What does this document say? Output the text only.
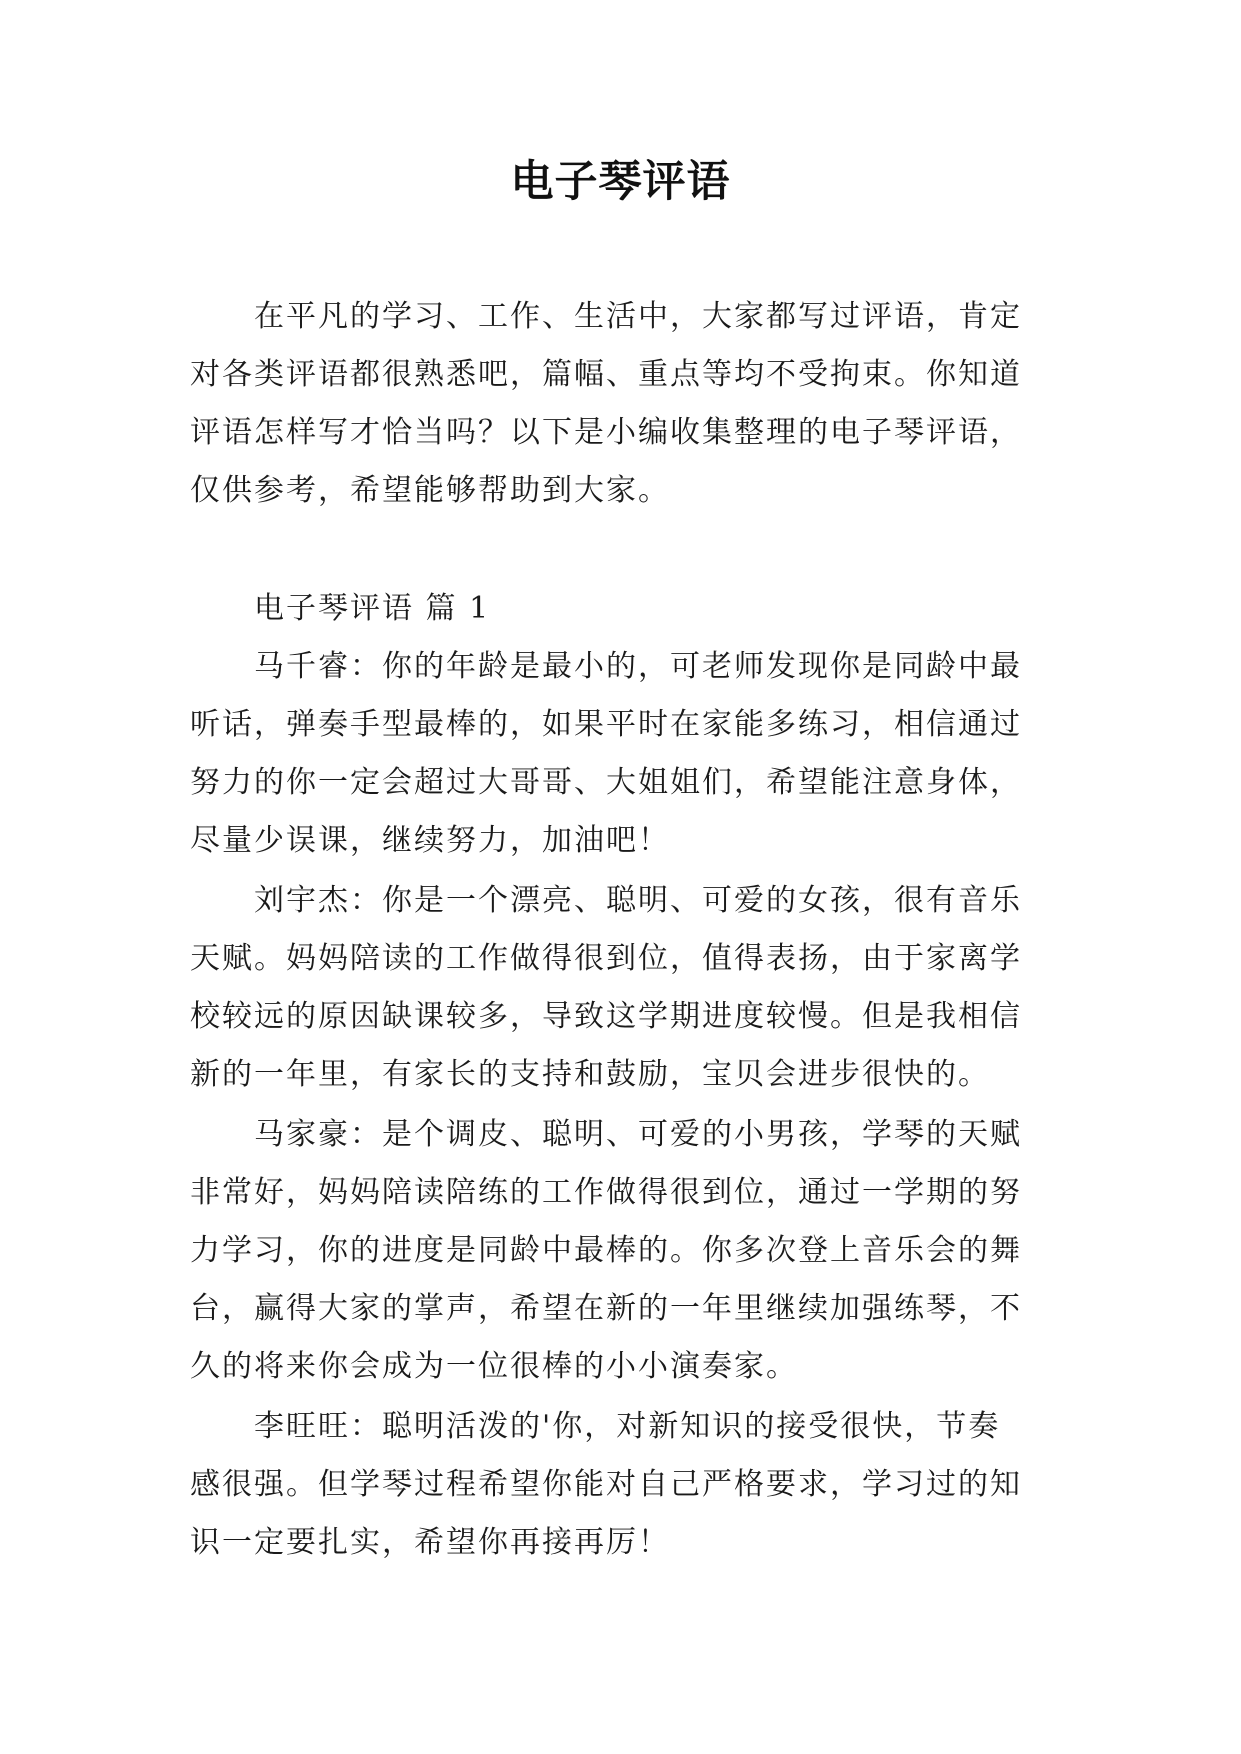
电子琴评语
　　在平凡的学习、工作、生活中，大家都写过评语，肯定
对各类评语都很熟悉吧，篇幅、重点等均不受拘束。你知道
评语怎样写才恰当吗？以下是小编收集整理的电子琴评语，
仅供参考，希望能够帮助到大家。
　　电子琴评语 篇 1
　　马千睿：你的年龄是最小的，可老师发现你是同龄中最
听话，弹奏手型最棒的，如果平时在家能多练习，相信通过
努力的你一定会超过大哥哥、大姐姐们，希望能注意身体，
尽量少误课，继续努力，加油吧！
　　刘宇杰：你是一个漂亮、聪明、可爱的女孩，很有音乐
天赋。妈妈陪读的工作做得很到位，值得表扬，由于家离学
校较远的原因缺课较多，导致这学期进度较慢。但是我相信
新的一年里，有家长的支持和鼓励，宝贝会进步很快的。
　　马家豪：是个调皮、聪明、可爱的小男孩，学琴的天赋
非常好，妈妈陪读陪练的工作做得很到位，通过一学期的努
力学习，你的进度是同龄中最棒的。你多次登上音乐会的舞
台，赢得大家的掌声，希望在新的一年里继续加强练琴，不
久的将来你会成为一位很棒的小小演奏家。
　　李旺旺：聪明活泼的'你，对新知识的接受很快，节奏
感很强。但学琴过程希望你能对自己严格要求，学习过的知
识一定要扎实，希望你再接再厉！
